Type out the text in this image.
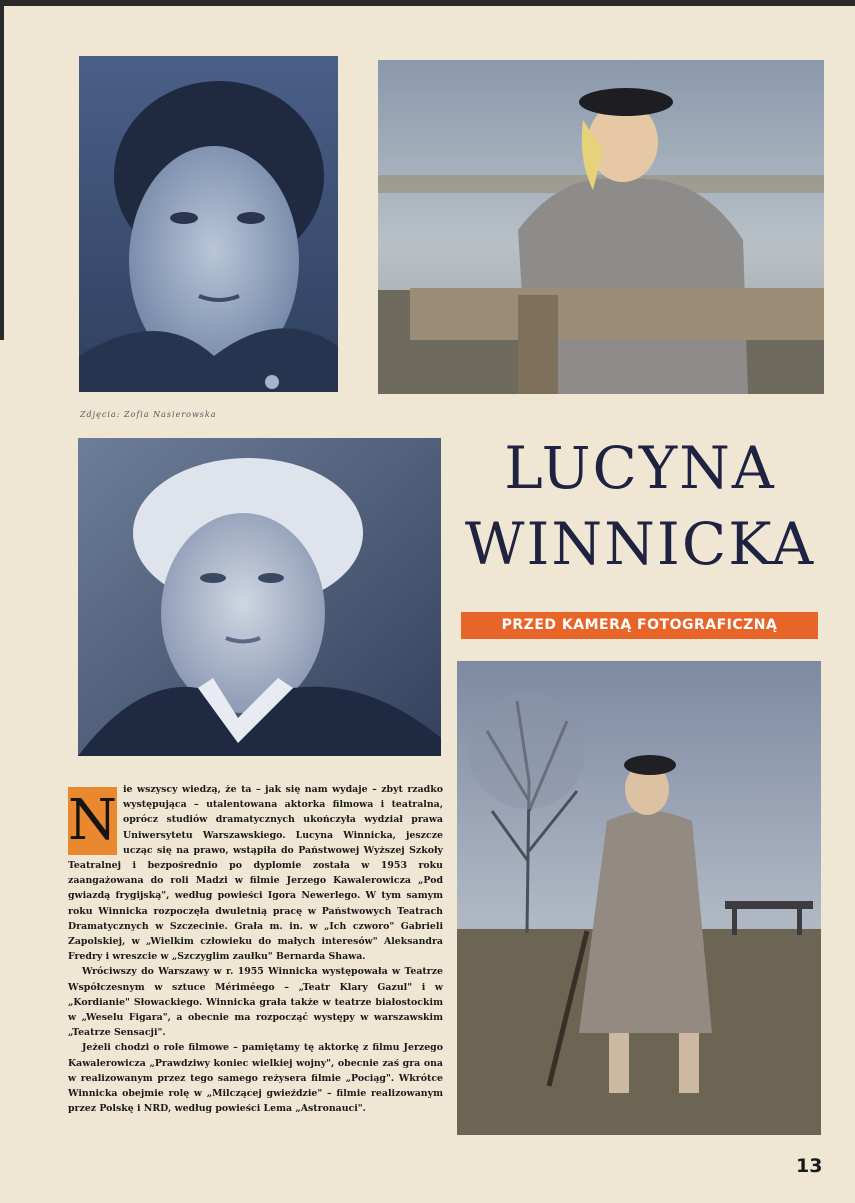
Zdjęcia: Zofia Nasierowska
LUCYNA
WINNICKA
PRZED KAMERĄ FOTOGRAFICZNĄ
N ie wszyscy wiedzą, że ta – jak się nam wydaje – zbyt rzadko występująca – utalentowana aktorka filmowa i teatralna, oprócz studiów dramatycznych ukończyła wydział prawa Uniwersytetu Warszawskiego. Lucyna Winnicka, jeszcze ucząc się na prawo, wstąpiła do Państwowej Wyższej Szkoły Teatralnej i bezpośrednio po dyplomie została w 1953 roku zaangażowana do roli Madzi w filmie Jerzego Kawalerowicza „Pod gwiazdą frygijską", według powieści Igora Newerlego. W tym samym roku Winnicka rozpoczęła dwuletnią pracę w Państwowych Teatrach Dramatycznych w Szczecinie. Grała m. in. w „Ich czworo" Gabrieli Zapolskiej, w „Wielkim człowieku do małych interesów" Aleksandra Fredry i wreszcie w „Szczyglim zaułku" Bernarda Shawa.

Wróciwszy do Warszawy w r. 1955 Winnicka występowała w Teatrze Współczesnym w sztuce Mériméego – „Teatr Klary Gazul" i w „Kordianie" Słowackiego. Winnicka grała także w teatrze białostockim w „Weselu Figara", a obecnie ma rozpocząć występy w warszawskim „Teatrze Sensacji".

Jeżeli chodzi o role filmowe – pamiętamy tę aktorkę z filmu Jerzego Kawalerowicza „Prawdziwy koniec wielkiej wojny", obecnie zaś gra ona w realizowanym przez tego samego reżysera filmie „Pociąg". Wkrótce Winnicka obejmie rolę w „Milczącej gwieździe" – filmie realizowanym przez Polskę i NRD, według powieści Lema „Astronauci".

13
